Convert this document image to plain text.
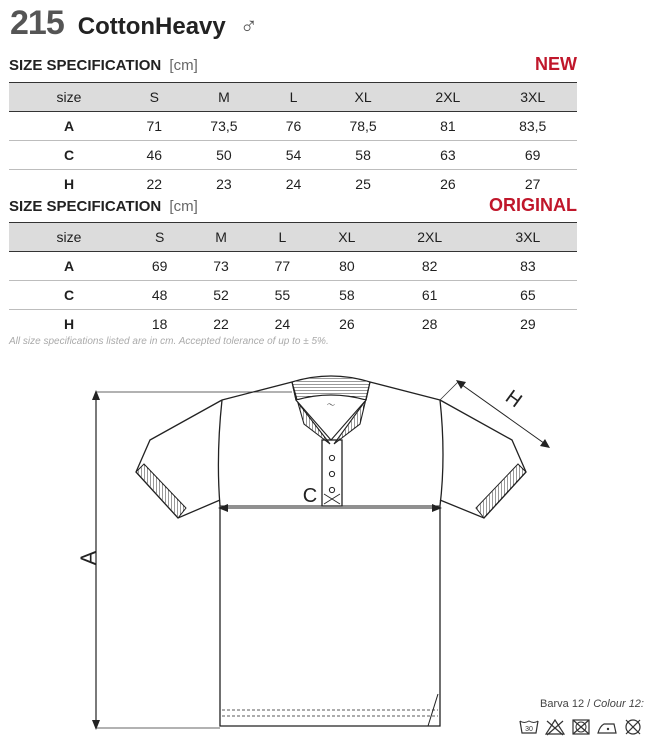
215 CottonHeavy ♂
SIZE SPECIFICATION [cm]	NEW
size	S	M	L	XL	2XL	3XL
A	71	73,5	76	78,5	81	83,5
C	46	50	54	58	63	69
H	22	23	24	25	26	27
SIZE SPECIFICATION [cm]	ORIGINAL
size	S	M	L	XL	2XL	3XL
A	69	73	77	80	82	83
C	48	52	55	58	61	65
H	18	22	24	26	28	29
All size specifications listed are in cm. Accepted tolerance of up to ± 5%.
A
〜
C
H
Barva 12 / Colour 12:
30
